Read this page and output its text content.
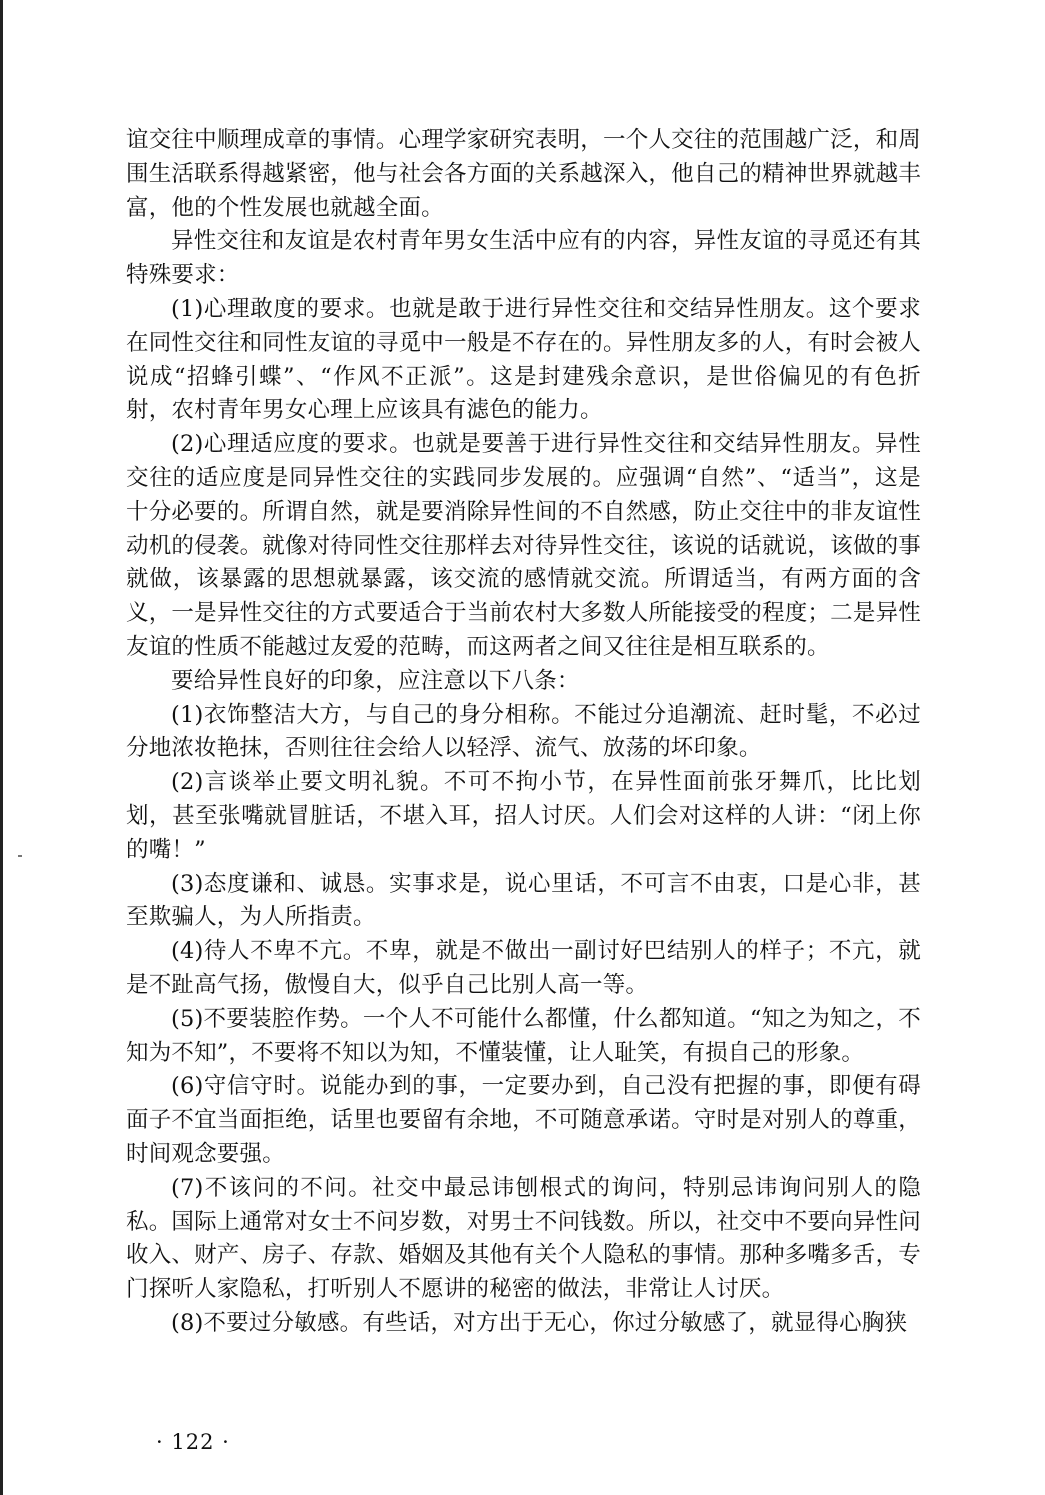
谊交往中顺理成章的事情。心理学家研究表明，一个人交往的范围越广泛，和周围生活联系得越紧密，他与社会各方面的关系越深入，他自己的精神世界就越丰富，他的个性发展也就越全面。

异性交往和友谊是农村青年男女生活中应有的内容，异性友谊的寻觅还有其特殊要求：

(1)心理敢度的要求。也就是敢于进行异性交往和交结异性朋友。这个要求在同性交往和同性友谊的寻觅中一般是不存在的。异性朋友多的人，有时会被人说成“招蜂引蝶”、“作风不正派”。这是封建残余意识，是世俗偏见的有色折射，农村青年男女心理上应该具有滤色的能力。

(2)心理适应度的要求。也就是要善于进行异性交往和交结异性朋友。异性交往的适应度是同异性交往的实践同步发展的。应强调“自然”、“适当”，这是十分必要的。所谓自然，就是要消除异性间的不自然感，防止交往中的非友谊性动机的侵袭。就像对待同性交往那样去对待异性交往，该说的话就说，该做的事就做，该暴露的思想就暴露，该交流的感情就交流。所谓适当，有两方面的含义，一是异性交往的方式要适合于当前农村大多数人所能接受的程度；二是异性友谊的性质不能越过友爱的范畴，而这两者之间又往往是相互联系的。

要给异性良好的印象，应注意以下八条：

(1)衣饰整洁大方，与自己的身分相称。不能过分追潮流、赶时髦，不必过分地浓妆艳抹，否则往往会给人以轻浮、流气、放荡的坏印象。

(2)言谈举止要文明礼貌。不可不拘小节，在异性面前张牙舞爪，比比划划，甚至张嘴就冒脏话，不堪入耳，招人讨厌。人们会对这样的人讲：“闭上你的嘴！”

(3)态度谦和、诚恳。实事求是，说心里话，不可言不由衷，口是心非，甚至欺骗人，为人所指责。

(4)待人不卑不亢。不卑，就是不做出一副讨好巴结别人的样子；不亢，就是不趾高气扬，傲慢自大，似乎自己比别人高一等。

(5)不要装腔作势。一个人不可能什么都懂，什么都知道。“知之为知之，不知为不知”，不要将不知以为知，不懂装懂，让人耻笑，有损自己的形象。

(6)守信守时。说能办到的事，一定要办到，自己没有把握的事，即便有碍面子不宜当面拒绝，话里也要留有余地，不可随意承诺。守时是对别人的尊重，时间观念要强。

(7)不该问的不问。社交中最忌讳刨根式的询问，特别忌讳询问别人的隐私。国际上通常对女士不问岁数，对男士不问钱数。所以，社交中不要向异性问收入、财产、房子、存款、婚姻及其他有关个人隐私的事情。那种多嘴多舌，专门探听人家隐私，打听别人不愿讲的秘密的做法，非常让人讨厌。

(8)不要过分敏感。有些话，对方出于无心，你过分敏感了，就显得心胸狭

· 122 ·
